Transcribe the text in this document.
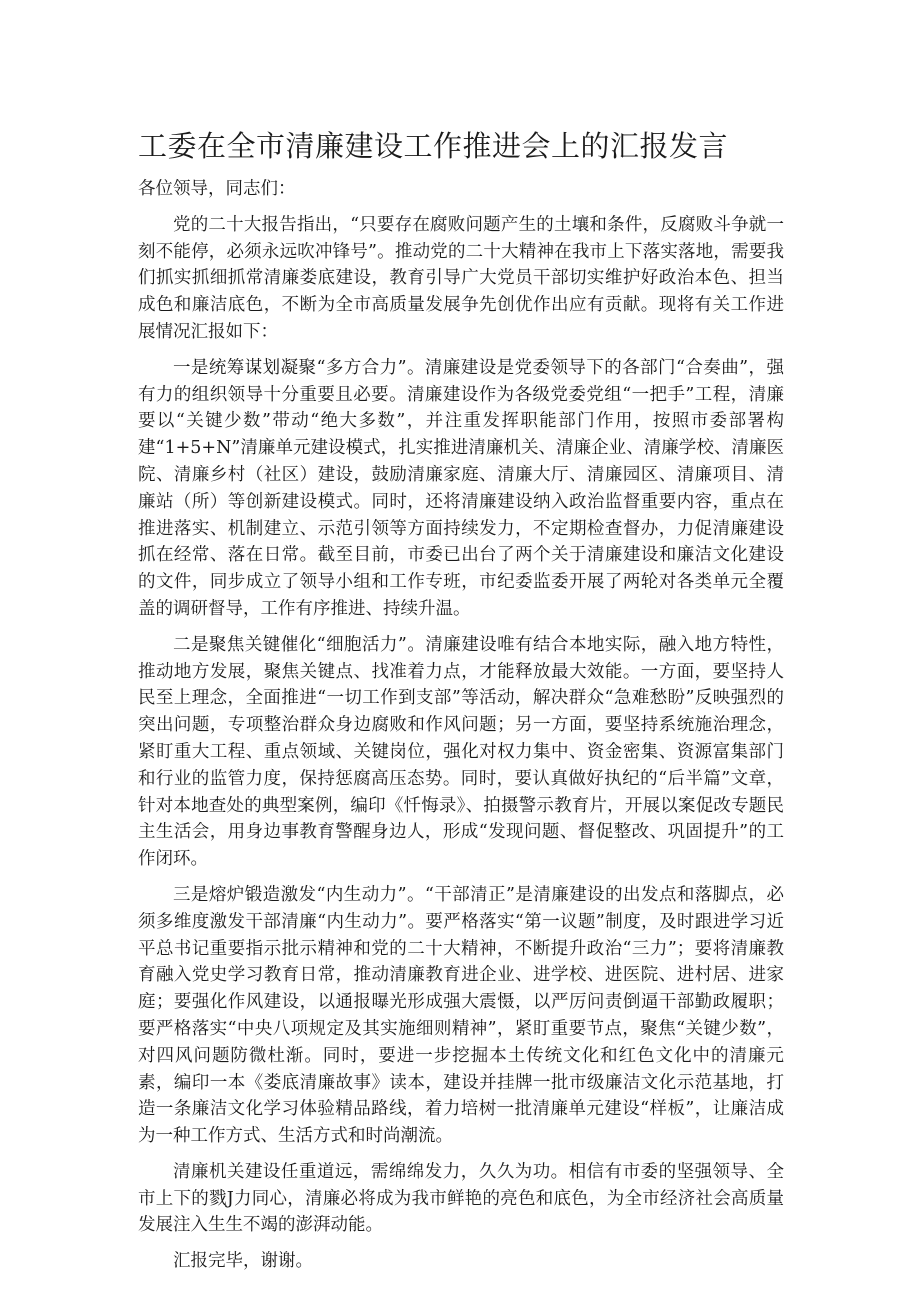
工委在全市清廉建设工作推进会上的汇报发言

各位领导，同志们：

党的二十大报告指出，“只要存在腐败问题产生的土壤和条件，反腐败斗争就一刻不能停，必须永远吹冲锋号”。推动党的二十大精神在我市上下落实落地，需要我们抓实抓细抓常清廉娄底建设，教育引导广大党员干部切实维护好政治本色、担当成色和廉洁底色，不断为全市高质量发展争先创优作出应有贡献。现将有关工作进展情况汇报如下：

一是统筹谋划凝聚“多方合力”。清廉建设是党委领导下的各部门“合奏曲”，强有力的组织领导十分重要且必要。清廉建设作为各级党委党组“一把手”工程，清廉要以“关键少数”带动“绝大多数”，并注重发挥职能部门作用，按照市委部署构建“1+5+N”清廉单元建设模式，扎实推进清廉机关、清廉企业、清廉学校、清廉医院、清廉乡村（社区）建设，鼓励清廉家庭、清廉大厅、清廉园区、清廉项目、清廉站（所）等创新建设模式。同时，还将清廉建设纳入政治监督重要内容，重点在推进落实、机制建立、示范引领等方面持续发力，不定期检查督办，力促清廉建设抓在经常、落在日常。截至目前，市委已出台了两个关于清廉建设和廉洁文化建设的文件，同步成立了领导小组和工作专班，市纪委监委开展了两轮对各类单元全覆盖的调研督导，工作有序推进、持续升温。

二是聚焦关键催化“细胞活力”。清廉建设唯有结合本地实际，融入地方特性，推动地方发展，聚焦关键点、找准着力点，才能释放最大效能。一方面，要坚持人民至上理念，全面推进“一切工作到支部”等活动，解决群众“急难愁盼”反映强烈的突出问题，专项整治群众身边腐败和作风问题；另一方面，要坚持系统施治理念，紧盯重大工程、重点领域、关键岗位，强化对权力集中、资金密集、资源富集部门和行业的监管力度，保持惩腐高压态势。同时，要认真做好执纪的“后半篇”文章，针对本地查处的典型案例，编印《忏悔录》、拍摄警示教育片，开展以案促改专题民主生活会，用身边事教育警醒身边人，形成“发现问题、督促整改、巩固提升”的工作闭环。

三是熔炉锻造激发“内生动力”。“干部清正”是清廉建设的出发点和落脚点，必须多维度激发干部清廉“内生动力”。要严格落实“第一议题”制度，及时跟进学习近平总书记重要指示批示精神和党的二十大精神，不断提升政治“三力”；要将清廉教育融入党史学习教育日常，推动清廉教育进企业、进学校、进医院、进村居、进家庭；要强化作风建设，以通报曝光形成强大震慑，以严厉问责倒逼干部勤政履职；要严格落实“中央八项规定及其实施细则精神”，紧盯重要节点，聚焦“关键少数”，对四风问题防微杜渐。同时，要进一步挖掘本土传统文化和红色文化中的清廉元素，编印一本《娄底清廉故事》读本，建设并挂牌一批市级廉洁文化示范基地，打造一条廉洁文化学习体验精品路线，着力培树一批清廉单元建设“样板”，让廉洁成为一种工作方式、生活方式和时尚潮流。

清廉机关建设任重道远，需绵绵发力，久久为功。相信有市委的坚强领导、全市上下的戮J力同心，清廉必将成为我市鲜艳的亮色和底色，为全市经济社会高质量发展注入生生不竭的澎湃动能。

汇报完毕，谢谢。
